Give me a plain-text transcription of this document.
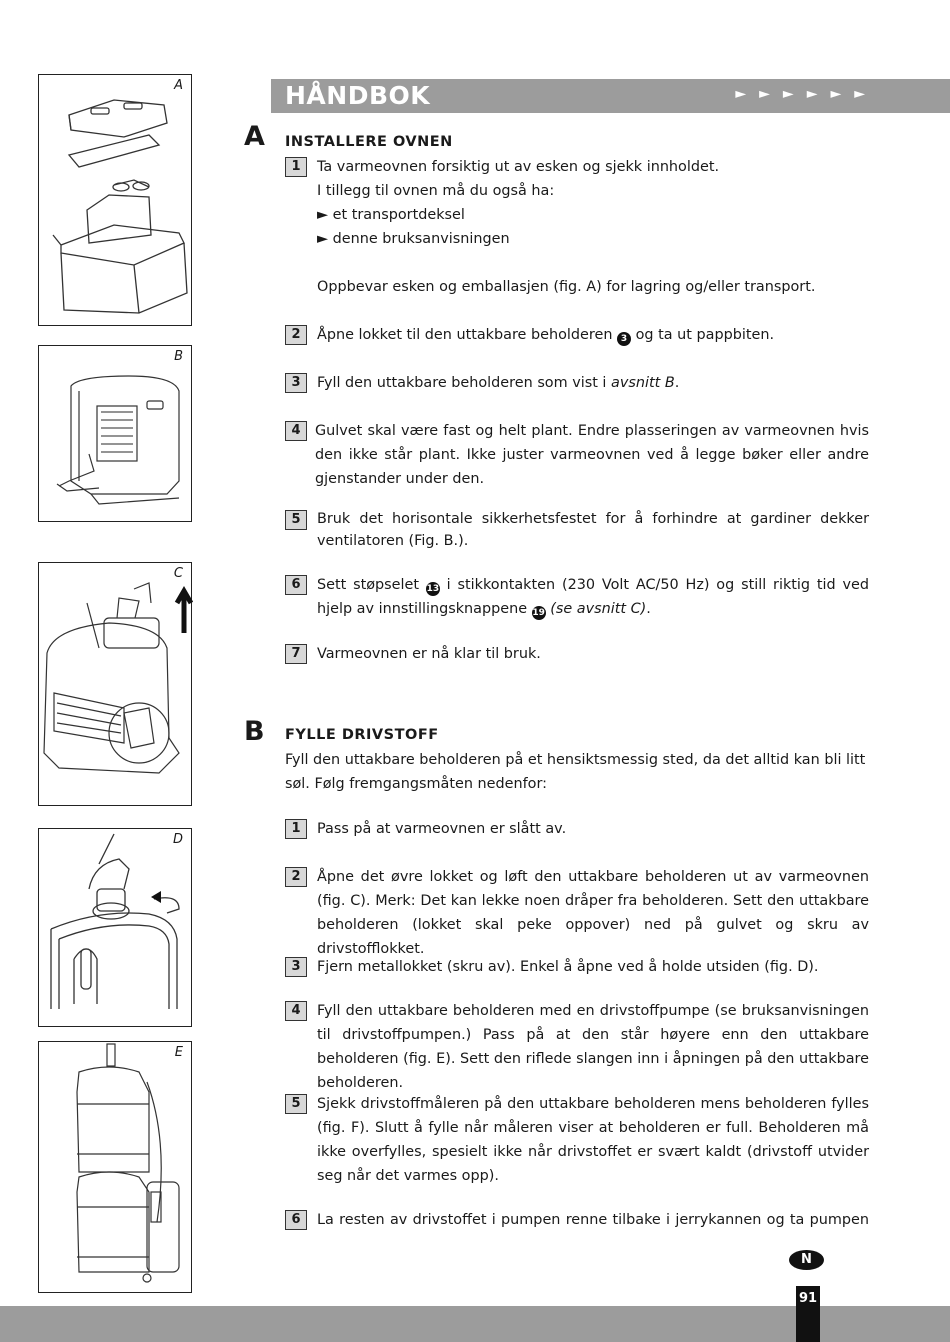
A
B
C
D
E
HÅNDBOK	►►►►►►
A INSTALLERE OVNEN
1	Ta varmeovnen forsiktig ut av esken og sjekk innholdet.
I tillegg til ovnen må du også ha:
► et transportdeksel
► denne bruksanvisningen
Oppbevar esken og emballasjen (fig. A) for lagring og/eller transport.
2	Åpne lokket til den uttakbare beholderen 3 og ta ut pappbiten.
3	Fyll den uttakbare beholderen som vist i avsnitt B.
4	Gulvet skal være fast og helt plant. Endre plasseringen av varmeovnen hvis den ikke står plant. Ikke juster varmeovnen ved å legge bøker eller andre gjenstander under den.
5	Bruk det horisontale sikkerhetsfestet for å forhindre at gardiner dekker ventilatoren (Fig. B.).
6	Sett støpselet 13 i stikkontakten (230 Volt AC/50 Hz) og still riktig tid ved hjelp av innstillingsknappene 19 (se avsnitt C).
7	Varmeovnen er nå klar til bruk.
B FYLLE DRIVSTOFF
Fyll den uttakbare beholderen på et hensiktsmessig sted, da det alltid kan bli litt søl. Følg fremgangsmåten nedenfor:
1	Pass på at varmeovnen er slått av.
2	Åpne det øvre lokket og løft den uttakbare beholderen ut av varmeovnen (fig. C). Merk: Det kan lekke noen dråper fra beholderen. Sett den uttakbare beholderen (lokket skal peke oppover) ned på gulvet og skru av drivstofflokket.
3	Fjern metallokket (skru av). Enkel å åpne ved å holde utsiden (fig. D).
4	Fyll den uttakbare beholderen med en drivstoffpumpe (se bruksanvisningen til drivstoffpumpen.) Pass på at den står høyere enn den uttakbare beholderen (fig. E). Sett den riflede slangen inn i åpningen på den uttakbare beholderen.
5	Sjekk drivstoffmåleren på den uttakbare beholderen mens beholderen fylles (fig. F). Slutt å fylle når måleren viser at beholderen er full. Beholderen må ikke overfylles, spesielt ikke når drivstoffet er svært kaldt (drivstoff utvider seg når det varmes opp).
6	La resten av drivstoffet i pumpen renne tilbake i jerrykannen og ta pumpen
N
91
